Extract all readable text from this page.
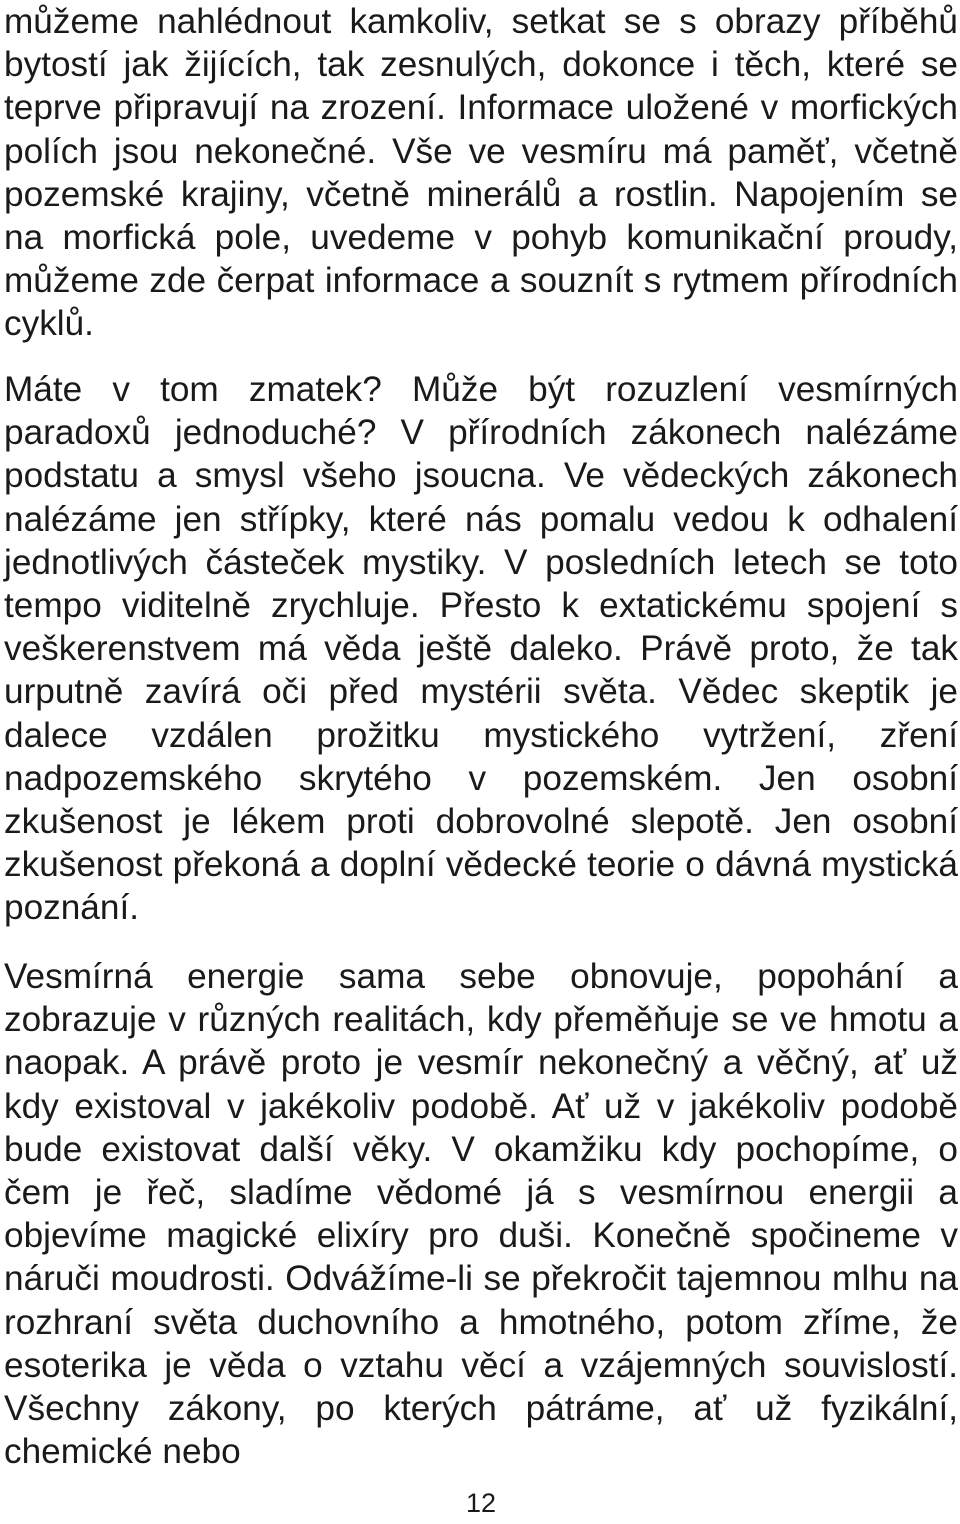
můžeme nahlédnout kamkoliv, setkat se s obrazy příběhů bytostí jak žijících, tak zesnulých, dokonce i těch, které se teprve připravují na zrození. Informace uložené v morfických polích jsou nekonečné. Vše ve vesmíru má paměť, včetně pozemské krajiny, včetně minerálů a rostlin. Napojením se na morfická pole, uvedeme v pohyb komunikační proudy, můžeme zde čerpat informace a souznít s rytmem přírodních cyklů.

Máte v tom zmatek? Může být rozuzlení vesmírných paradoxů jednoduché? V přírodních zákonech nalézáme podstatu a smysl všeho jsoucna. Ve vědeckých zákonech nalézáme jen střípky, které nás pomalu vedou k odhalení jednotlivých částeček mystiky. V posledních letech se toto tempo viditelně zrychluje. Přesto k extatickému spojení s veškerenstvem má věda ještě daleko. Právě proto, že tak urputně zavírá oči před mystérii světa. Vědec skeptik je dalece vzdálen prožitku mystického vytržení, zření nadpozemského skrytého v pozemském. Jen osobní zkušenost je lékem proti dobrovolné slepotě. Jen osobní zkušenost překoná a doplní vědecké teorie o dávná mystická poznání.

Vesmírná energie sama sebe obnovuje, popohání a zobrazuje v různých realitách, kdy přeměňuje se ve hmotu a naopak. A právě proto je vesmír nekonečný a věčný, ať už kdy existoval v jakékoliv podobě. Ať už v jakékoliv podobě bude existovat další věky. V okamžiku kdy pochopíme, o čem je řeč, sladíme vědomé já s vesmírnou energii a objevíme magické elixíry pro duši. Konečně spočineme v náruči moudrosti. Odvážíme-li se překročit tajemnou mlhu na rozhraní světa duchovního a hmotného, potom zříme, že esoterika je věda o vztahu věcí a vzájemných souvislostí. Všechny zákony, po kterých pátráme, ať už fyzikální, chemické nebo

12
